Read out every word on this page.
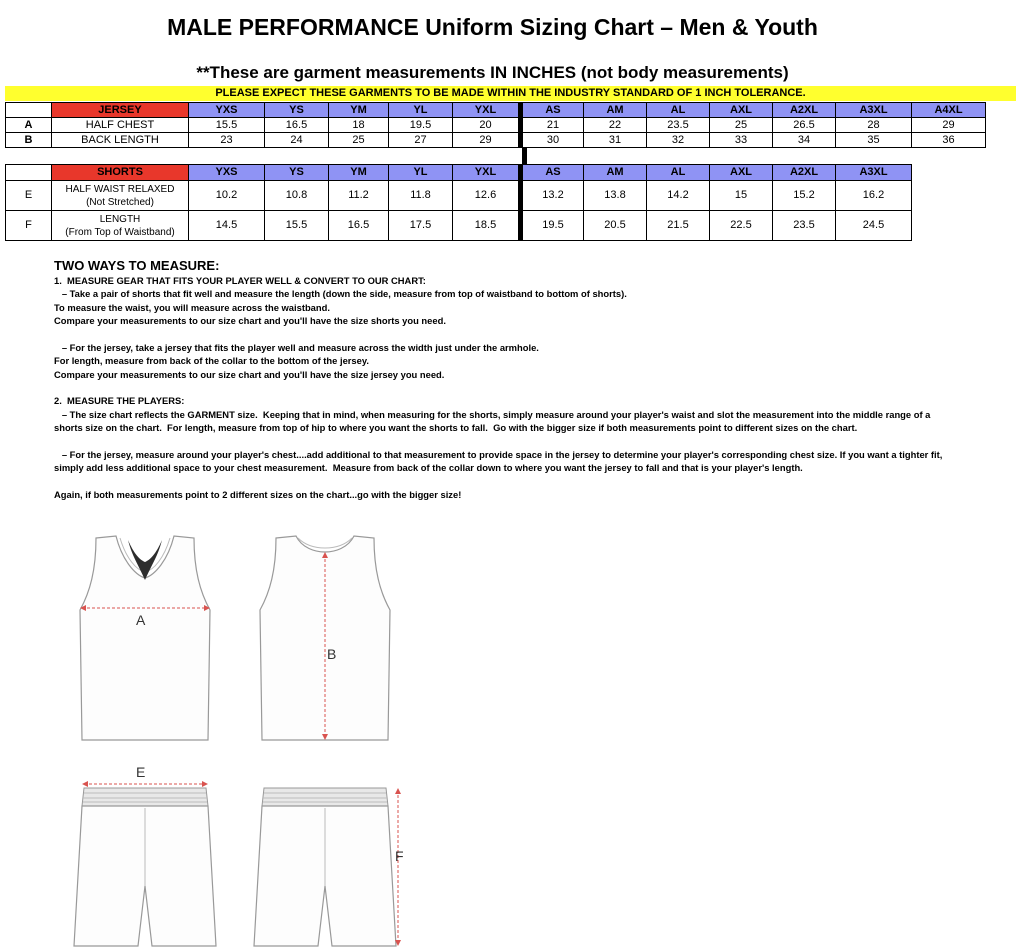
MALE PERFORMANCE Uniform Sizing Chart – Men & Youth
**These are garment measurements IN INCHES (not body measurements)
PLEASE EXPECT THESE GARMENTS TO BE MADE WITHIN THE INDUSTRY STANDARD OF 1 INCH TOLERANCE.
	JERSEY	YXS	YS	YM	YL	YXL	AS	AM	AL	AXL	A2XL	A3XL	A4XL
A	HALF CHEST	15.5	16.5	18	19.5	20	21	22	23.5	25	26.5	28	29
B	BACK LENGTH	23	24	25	27	29	30	31	32	33	34	35	36
	SHORTS	YXS	YS	YM	YL	YXL	AS	AM	AL	AXL	A2XL	A3XL
E	HALF WAIST RELAXED
(Not Stretched)	10.2	10.8	11.2	11.8	12.6	13.2	13.8	14.2	15	15.2	16.2
F	LENGTH
(From Top of Waistband)	14.5	15.5	16.5	17.5	18.5	19.5	20.5	21.5	22.5	23.5	24.5

TWO WAYS TO MEASURE:

1.  MEASURE GEAR THAT FITS YOUR PLAYER WELL & CONVERT TO OUR CHART:

– Take a pair of shorts that fit well and measure the length (down the side, measure from top of waistband to bottom of shorts).

To measure the waist, you will measure across the waistband.

Compare your measurements to our size chart and you'll have the size shorts you need.

– For the jersey, take a jersey that fits the player well and measure across the width just under the armhole.

For length, measure from back of the collar to the bottom of the jersey.

Compare your measurements to our size chart and you'll have the size jersey you need.

2.  MEASURE THE PLAYERS:

– The size chart reflects the GARMENT size.  Keeping that in mind, when measuring for the shorts, simply measure around your player's waist and slot the measurement into the middle range of a shorts size on the chart.  For length, measure from top of hip to where you want the shorts to fall.  Go with the bigger size if both measurements point to different sizes on the chart.

– For the jersey, measure around your player's chest....add additional to that measurement to provide space in the jersey to determine your player's corresponding chest size. If you want a tighter fit, simply add less additional space to your chest measurement.  Measure from back of the collar down to where you want the jersey to fall and that is your player's length.

Again, if both measurements point to 2 different sizes on the chart...go with the bigger size!

A
B
E
F
